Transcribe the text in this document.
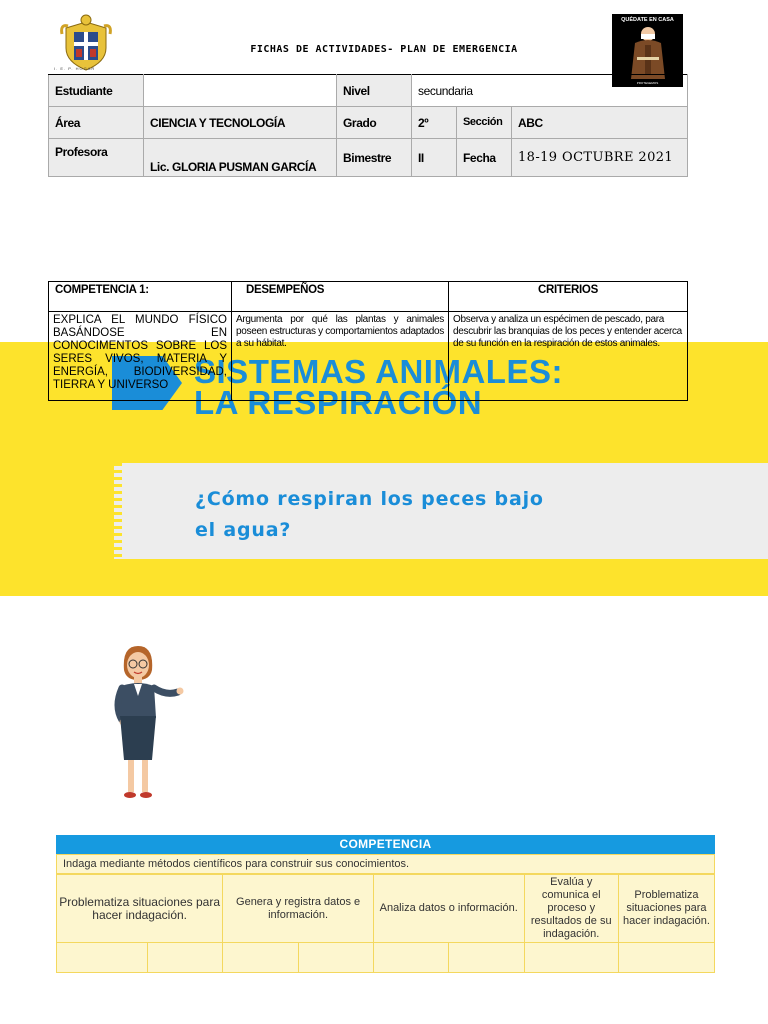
I. E. P. HOGAR
FICHAS DE ACTIVIDADES- PLAN DE EMERGENCIA
QUÉDATE EN CASA
PROTEGEMOS
Estudiante		Nivel	secundaria		
Área	CIENCIA Y TECNOLOGÍA	Grado	2º	Sección	ABC
Profesora	Lic. GLORIA PUSMAN GARCÍA	Bimestre	II	Fecha	18-19 OCTUBRE 2021
SISTEMAS ANIMALES:
LA RESPIRACIÓN
¿Cómo respiran los peces bajo
el agua?
COMPETENCIA 1:	DESEMPEÑOS	CRITERIOS
EXPLICA EL MUNDO FÍSICO BASÁNDOSE EN CONOCIMENTOS SOBRE LOS SERES VIVOS, MATERIA Y ENERGÍA, BIODIVERSIDAD, TIERRA Y UNIVERSO	Argumenta por qué las plantas y animales poseen estructuras y comportamientos adaptados a su hábitat.	Observa y analiza un espécimen de pescado, para descubrir las branquias de los peces y entender acerca de su función en la respiración de estos animales.
COMPETENCIA
Indaga mediante métodos científicos para construir sus conocimientos.
Problematiza situaciones para hacer indagación.		Genera y registra datos e información.		Analiza datos o información.		Evalúa y comunica el proceso y resultados de su indagación.	Problematiza situaciones para hacer indagación.
